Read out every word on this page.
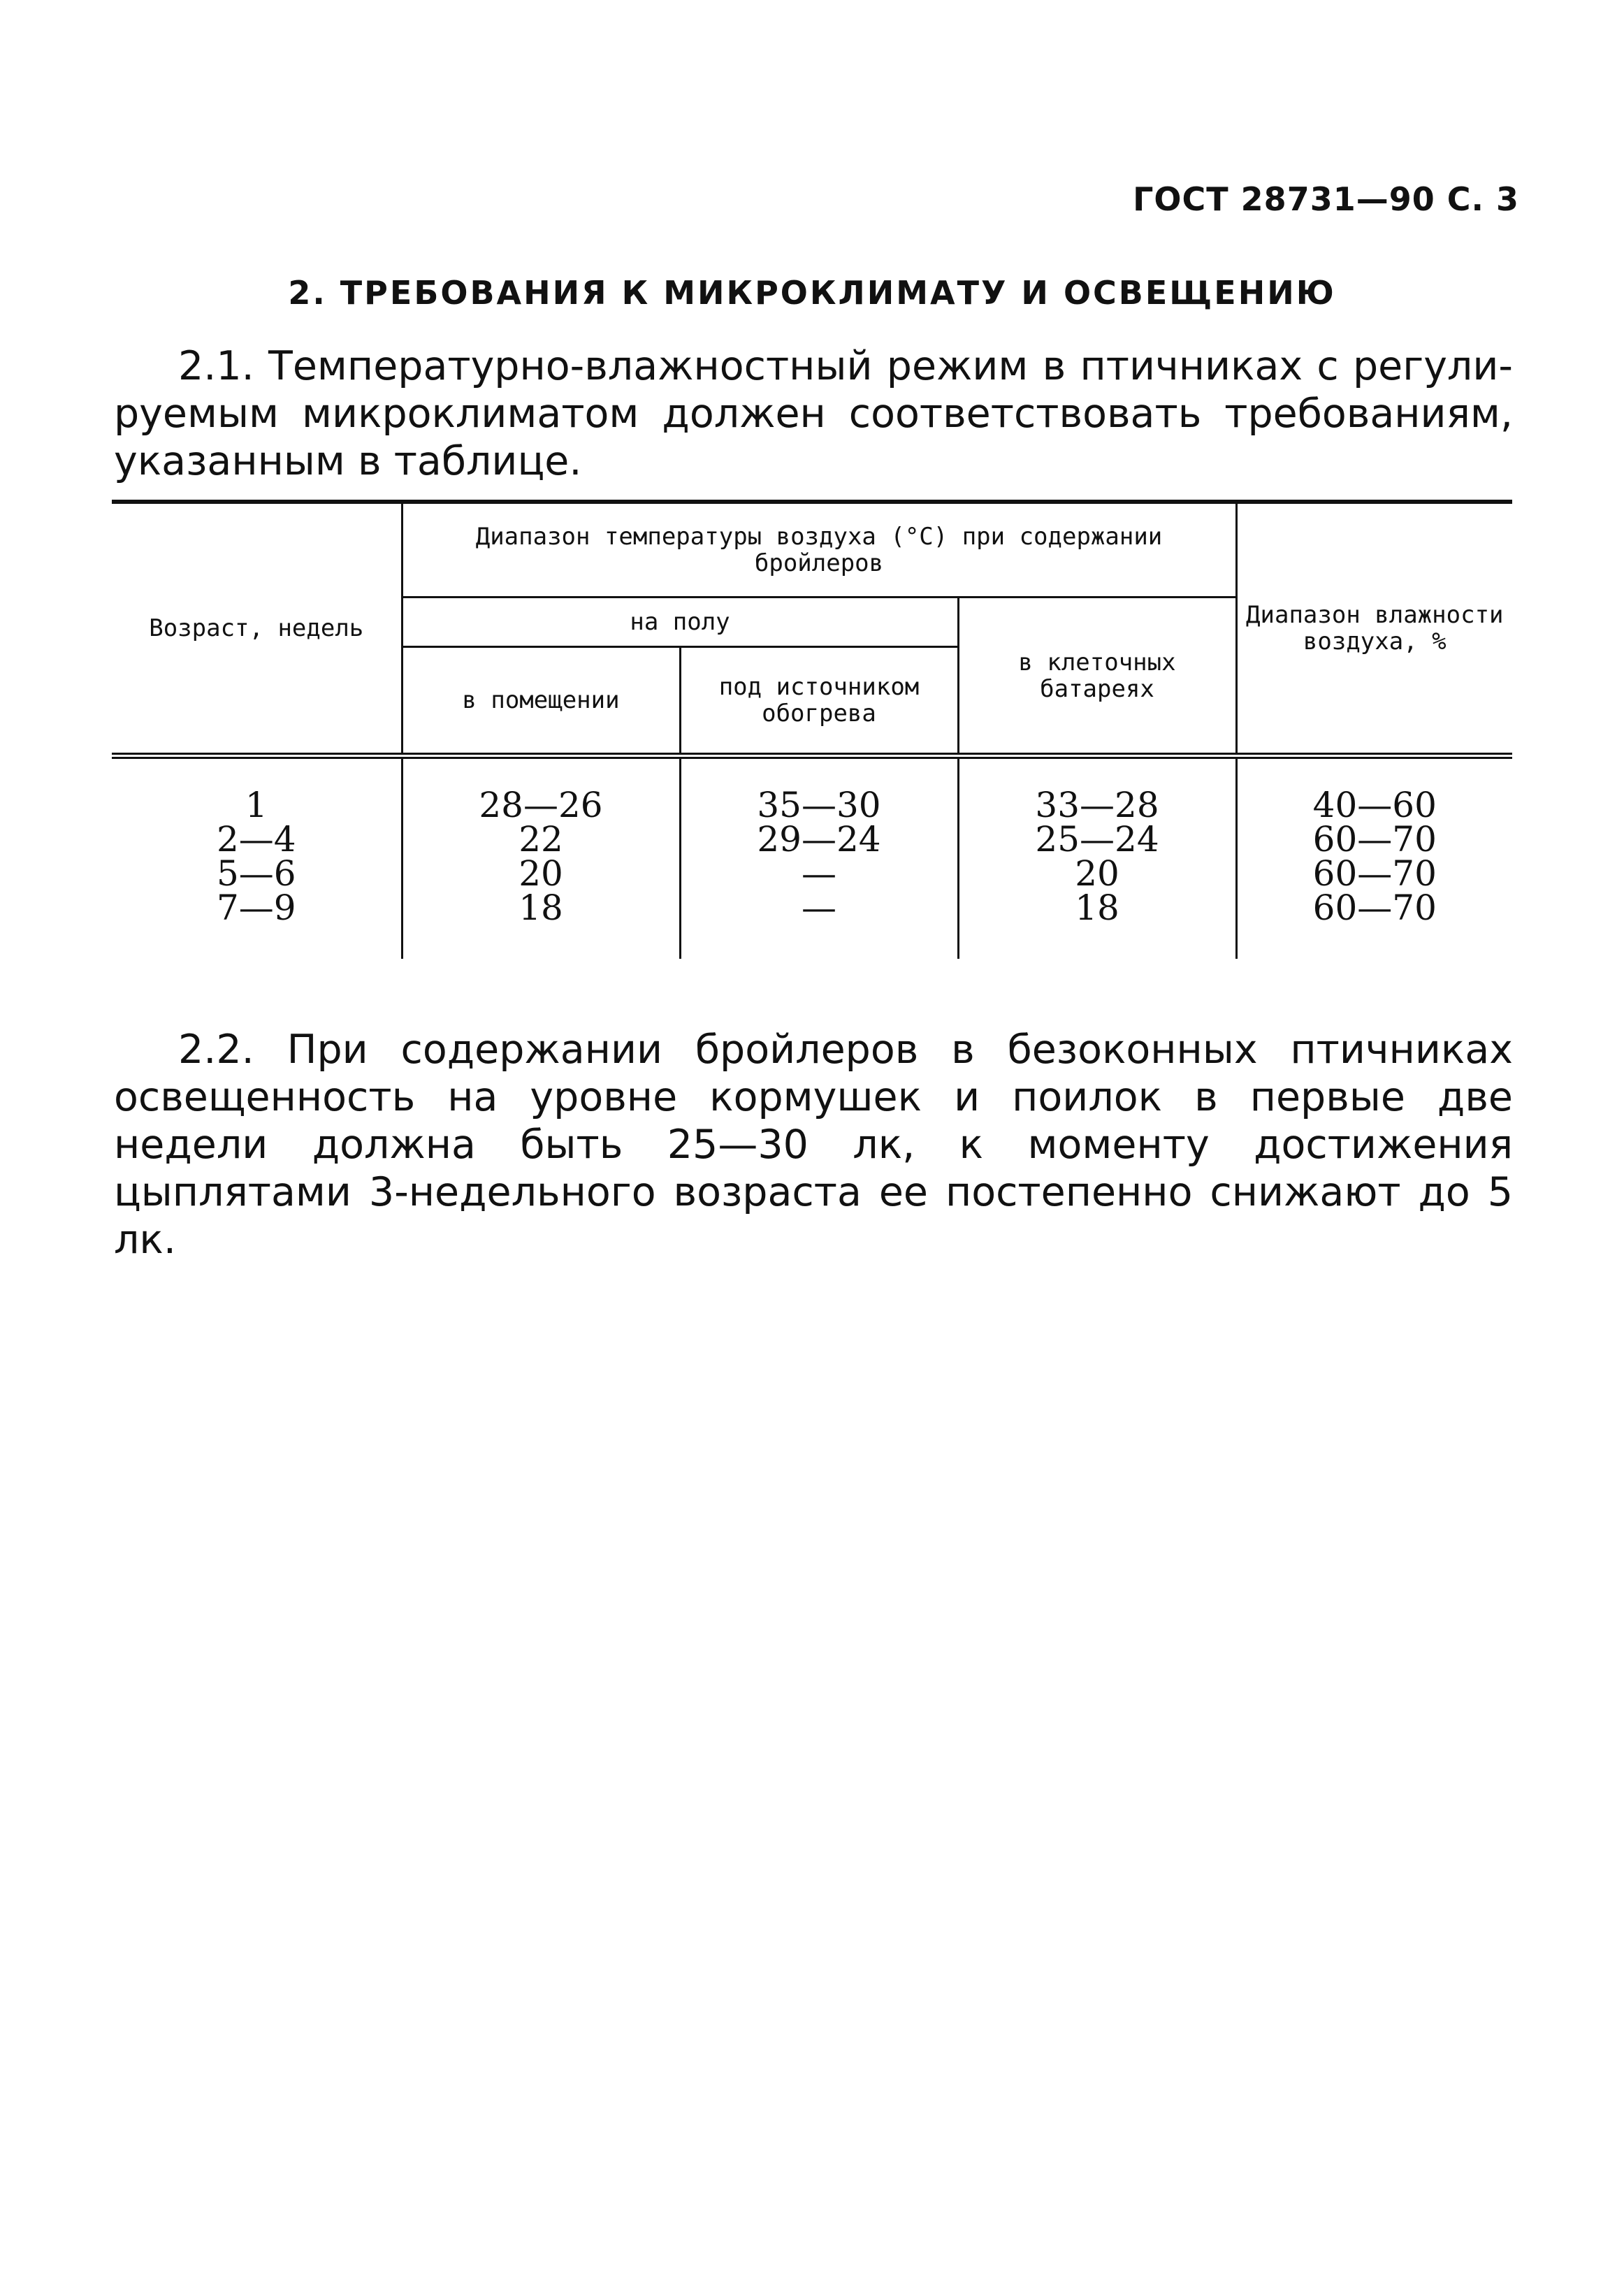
ГОСТ 28731—90 С. 3
2. ТРЕБОВАНИЯ К МИКРОКЛИМАТУ И ОСВЕЩЕНИЮ
2.1. Температурно-влажностный режим в птичниках с регулируемым микроклиматом должен соответствовать требованиям, указанным в таблице.
Возраст, недель	Диапазон температуры воздуха (°С) при содержании бройлеров			Диапазон влажности воздуха, %
	на полу		в клеточных батареях	
	в помещении	под источником обогрева		
1	28—26	35—30	33—28	40—60
2—4	22	29—24	25—24	60—70
5—6	20	—	20	60—70
7—9	18	—	18	60—70
2.2. При содержании бройлеров в безоконных птичниках освещенность на уровне кормушек и поилок в первые две недели должна быть 25—30 лк, к моменту достижения цыплятами 3-недельного возраста ее постепенно снижают до 5 лк.
